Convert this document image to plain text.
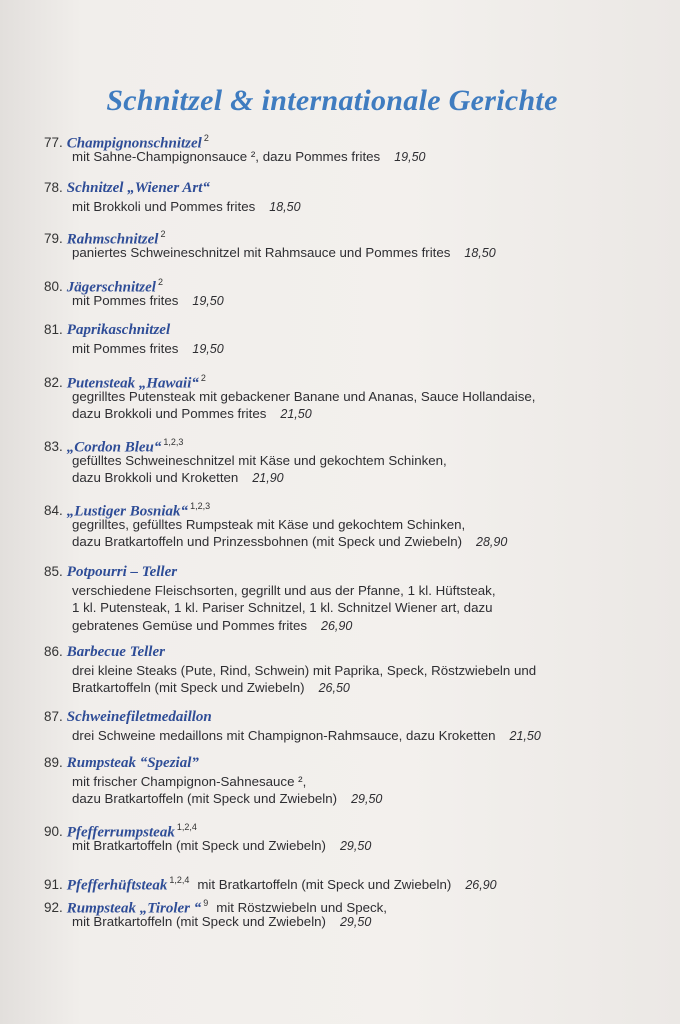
Schnitzel & internationale Gerichte
77. Champignonschnitzel $^2$
mit Sahne-Champignonsauce ², dazu Pommes frites 19,50
78. Schnitzel „Wiener Art“
mit Brokkoli und Pommes frites 18,50
79. Rahmschnitzel $^2$
paniertes Schweineschnitzel mit Rahmsauce und Pommes frites 18,50
80. Jägerschnitzel $^2$
mit Pommes frites 19,50
81. Paprikaschnitzel
mit Pommes frites 19,50
82. Putensteak „Hawaii“ $^2$
gegrilltes Putensteak mit gebackener Banane und Ananas, Sauce Hollandaise,
dazu Brokkoli und Pommes frites 21,50
83. „Cordon Bleu“ $^{1,2,3}$
gefülltes Schweineschnitzel mit Käse und gekochtem Schinken,
dazu Brokkoli und Kroketten 21,90
84. „Lustiger Bosniak“ $^{1,2,3}$
gegrilltes, gefülltes Rumpsteak mit Käse und gekochtem Schinken,
dazu Bratkartoffeln und Prinzessbohnen (mit Speck und Zwiebeln) 28,90
85. Potpourri – Teller
verschiedene Fleischsorten, gegrillt und aus der Pfanne, 1 kl. Hüftsteak,
1 kl. Putensteak, 1 kl. Pariser Schnitzel, 1 kl. Schnitzel Wiener art, dazu
gebratenes Gemüse und Pommes frites 26,90
86. Barbecue Teller
drei kleine Steaks (Pute, Rind, Schwein) mit Paprika, Speck, Röstzwiebeln und
Bratkartoffeln (mit Speck und Zwiebeln) 26,50
87. Schweinefiletmedaillon
drei Schweine medaillons mit Champignon-Rahmsauce, dazu Kroketten 21,50
89. Rumpsteak “Spezial”
mit frischer Champignon-Sahnesauce ²,
dazu Bratkartoffeln (mit Speck und Zwiebeln) 29,50
90. Pfefferrumpsteak $^{1,2,4}$
mit Bratkartoffeln (mit Speck und Zwiebeln) 29,50
91. Pfefferhüftsteak $^{1,2,4}$ mit Bratkartoffeln (mit Speck und Zwiebeln) 26,90
92. Rumpsteak „Tiroler “ $^9$ mit Röstzwiebeln und Speck,
mit Bratkartoffeln (mit Speck und Zwiebeln) 29,50
